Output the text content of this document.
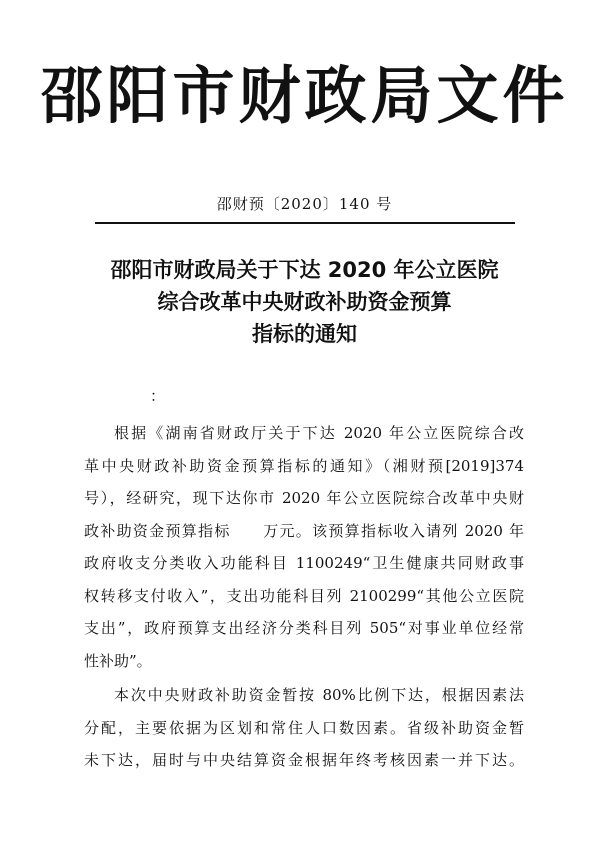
邵阳市财政局文件
邵财预〔2020〕140 号
邵阳市财政局关于下达 2020 年公立医院
综合改革中央财政补助资金预算
指标的通知
：
根据《湖南省财政厅关于下达 2020 年公立医院综合改
革中央财政补助资金预算指标的通知》（湘财预[2019]374
号），经研究，现下达你市 2020 年公立医院综合改革中央财
政补助资金预算指标　　万元。该预算指标收入请列 2020 年
政府收支分类收入功能科目 1100249“卫生健康共同财政事
权转移支付收入”，支出功能科目列 2100299“其他公立医院
支出”，政府预算支出经济分类科目列 505“对事业单位经常
性补助”。
本次中央财政补助资金暂按 80%比例下达，根据因素法
分配，主要依据为区划和常住人口数因素。省级补助资金暂
未下达，届时与中央结算资金根据年终考核因素一并下达。
